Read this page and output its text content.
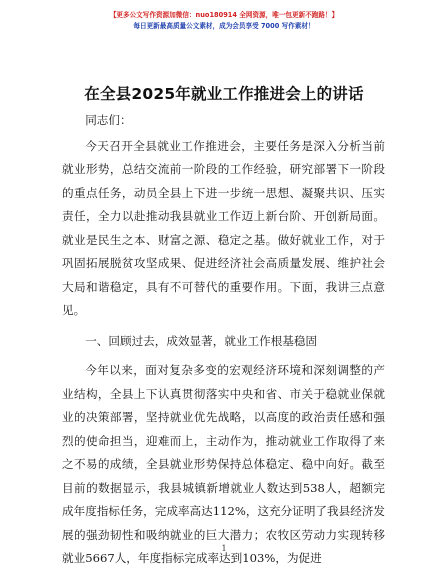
【更多公文写作资源加微信：nuo180914 全网资源，唯一包更新不跑路！】
每日更新最高质量公文素材，成为会员享受 7000 写作素材！
在全县2025年就业工作推进会上的讲话

同志们：

今天召开全县就业工作推进会，主要任务是深入分析当前就业形势，总结交流前一阶段的工作经验，研究部署下一阶段的重点任务，动员全县上下进一步统一思想、凝聚共识、压实责任，全力以赴推动我县就业工作迈上新台阶、开创新局面。就业是民生之本、财富之源、稳定之基。做好就业工作，对于巩固拓展脱贫攻坚成果、促进经济社会高质量发展、维护社会大局和谐稳定，具有不可替代的重要作用。下面，我讲三点意见。

一、回顾过去，成效显著，就业工作根基稳固

今年以来，面对复杂多变的宏观经济环境和深刻调整的产业结构，全县上下认真贯彻落实中央和省、市关于稳就业保就业的决策部署，坚持就业优先战略，以高度的政治责任感和强烈的使命担当，迎难而上，主动作为，推动就业工作取得了来之不易的成绩，全县就业形势保持总体稳定、稳中向好。截至目前的数据显示，我县城镇新增就业人数达到538人，超额完成年度指标任务，完成率高达112%，这充分证明了我县经济发展的强劲韧性和吸纳就业的巨大潜力；农牧区劳动力实现转移就业5667人，年度指标完成率达到103%，为促进

1
